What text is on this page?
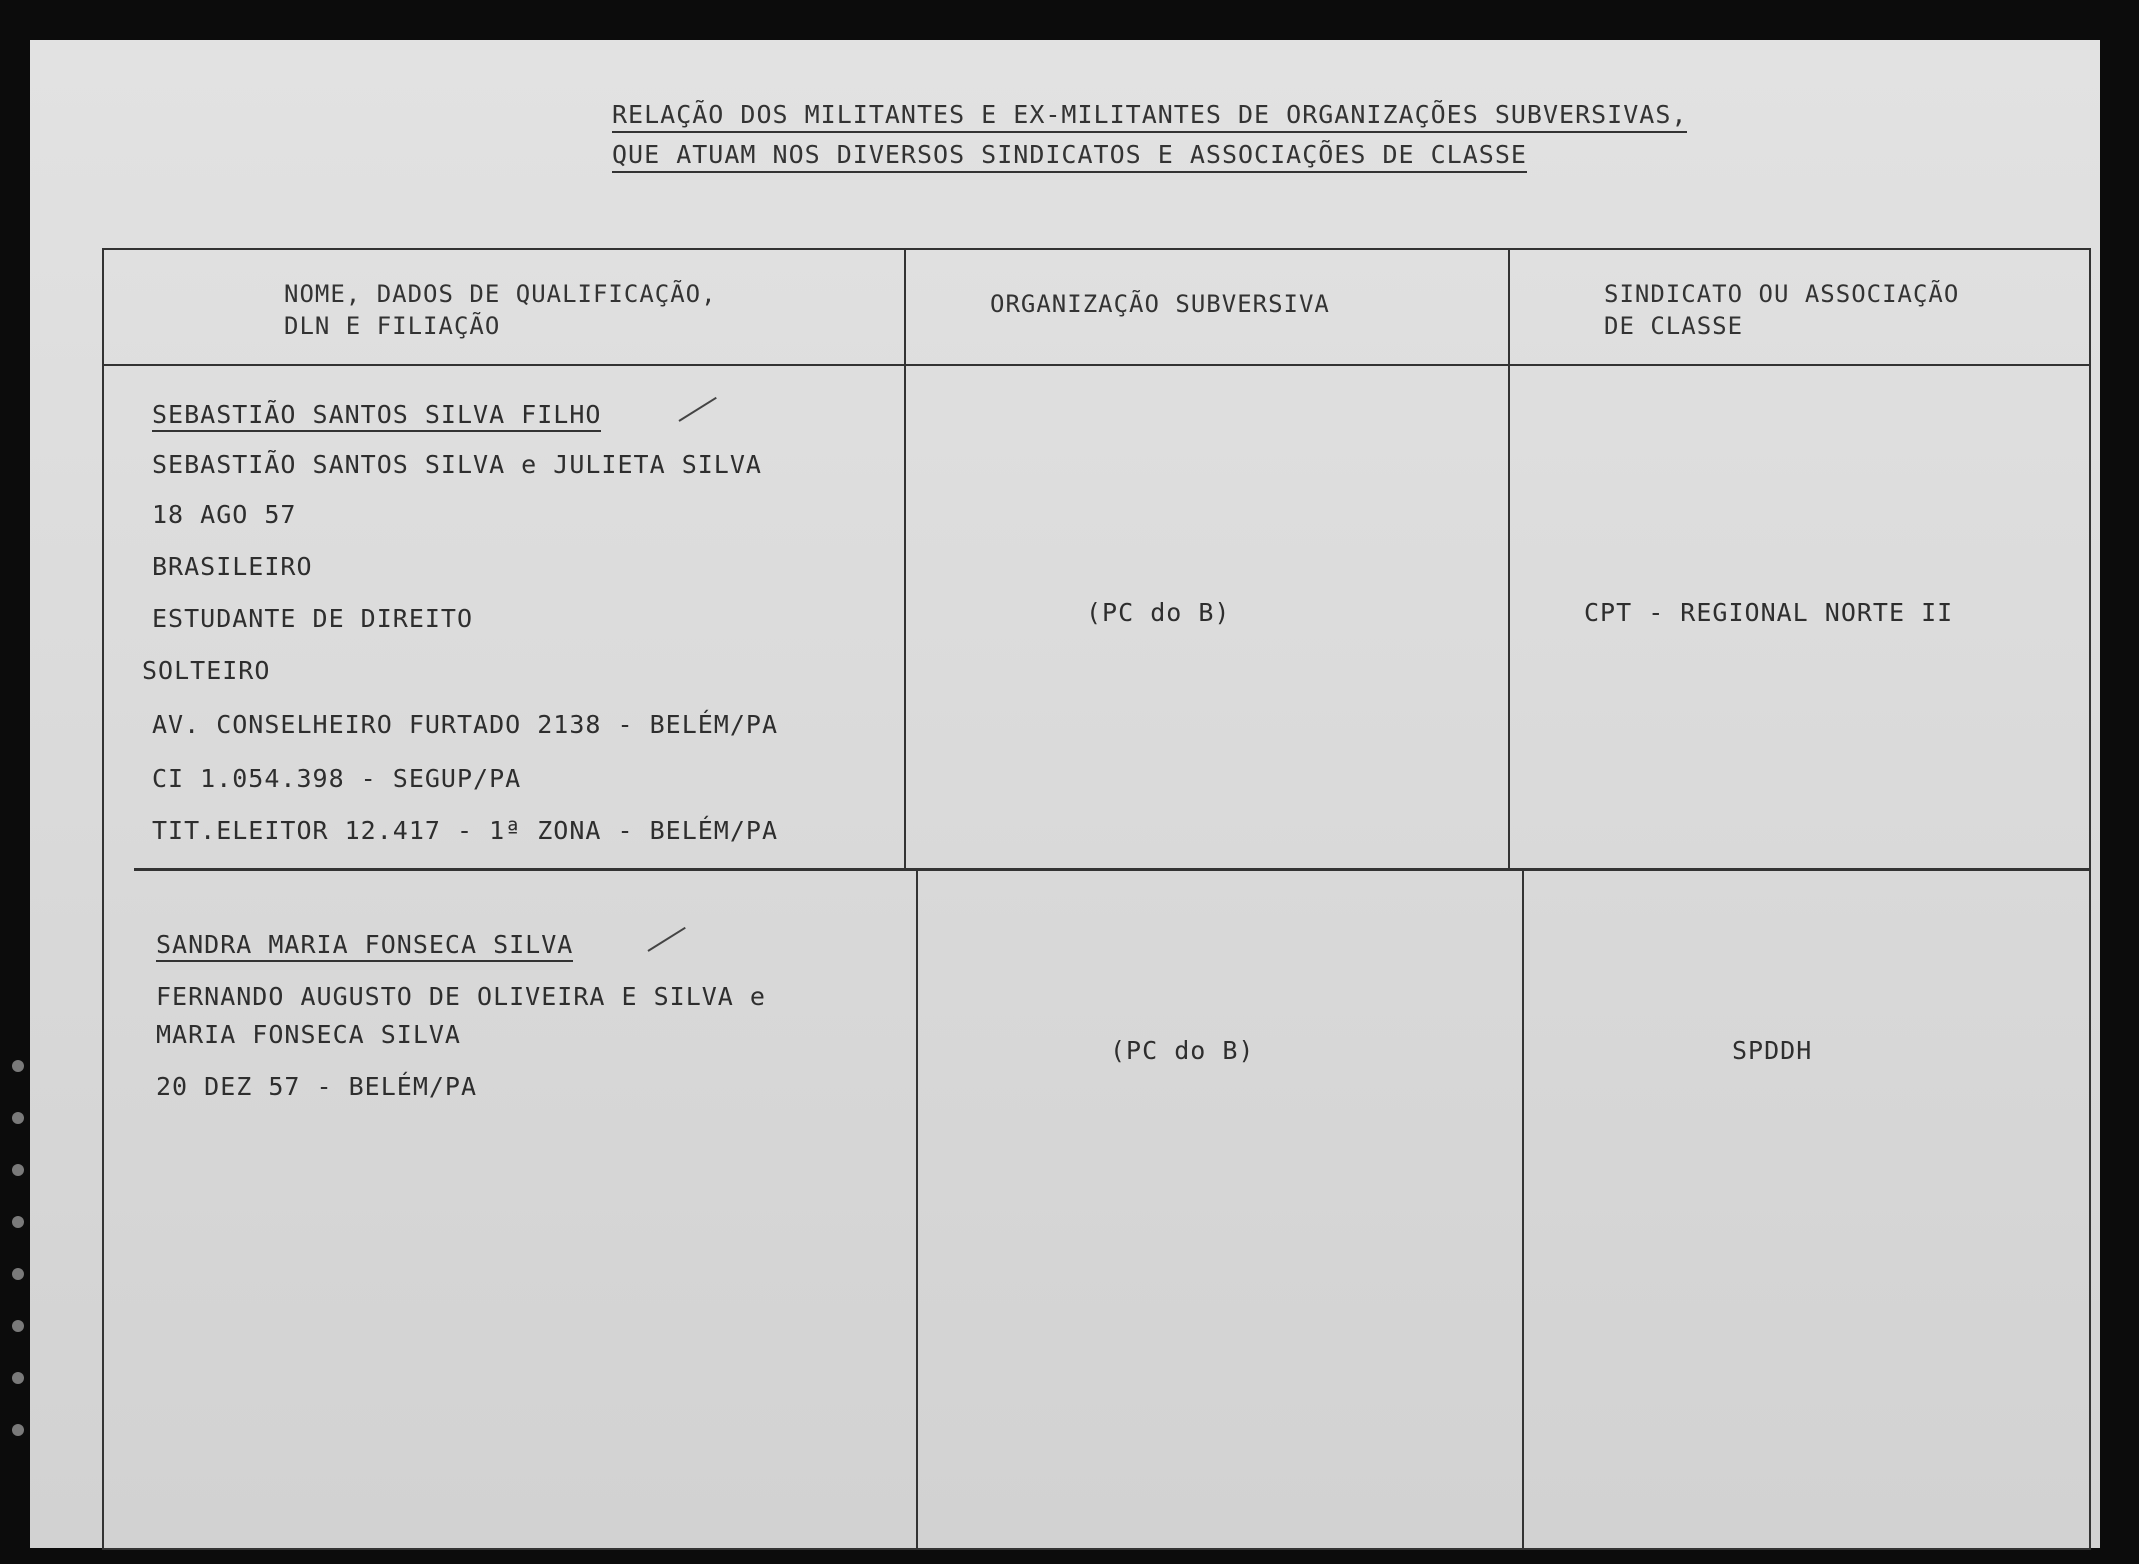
RELAÇÃO DOS MILITANTES E EX-MILITANTES DE ORGANIZAÇÕES SUBVERSIVAS,
QUE ATUAM NOS DIVERSOS SINDICATOS E ASSOCIAÇÕES DE CLASSE
NOME, DADOS DE QUALIFICAÇÃO,
DLN E FILIAÇÃO
ORGANIZAÇÃO SUBVERSIVA	SINDICATO OU ASSOCIAÇÃO
DE CLASSE
SEBASTIÃO SANTOS SILVA FILHO
SEBASTIÃO SANTOS SILVA e JULIETA SILVA
18 AGO 57
BRASILEIRO
ESTUDANTE DE DIREITO
SOLTEIRO
AV. CONSELHEIRO FURTADO 2138 - BELÉM/PA
CI 1.054.398 - SEGUP/PA
TIT.ELEITOR 12.417 - 1ª ZONA - BELÉM/PA
(PC do B)	CPT - REGIONAL NORTE II
SANDRA MARIA FONSECA SILVA
FERNANDO AUGUSTO DE OLIVEIRA E SILVA e
MARIA FONSECA SILVA
20 DEZ 57 - BELÉM/PA
(PC do B)	SPDDH
